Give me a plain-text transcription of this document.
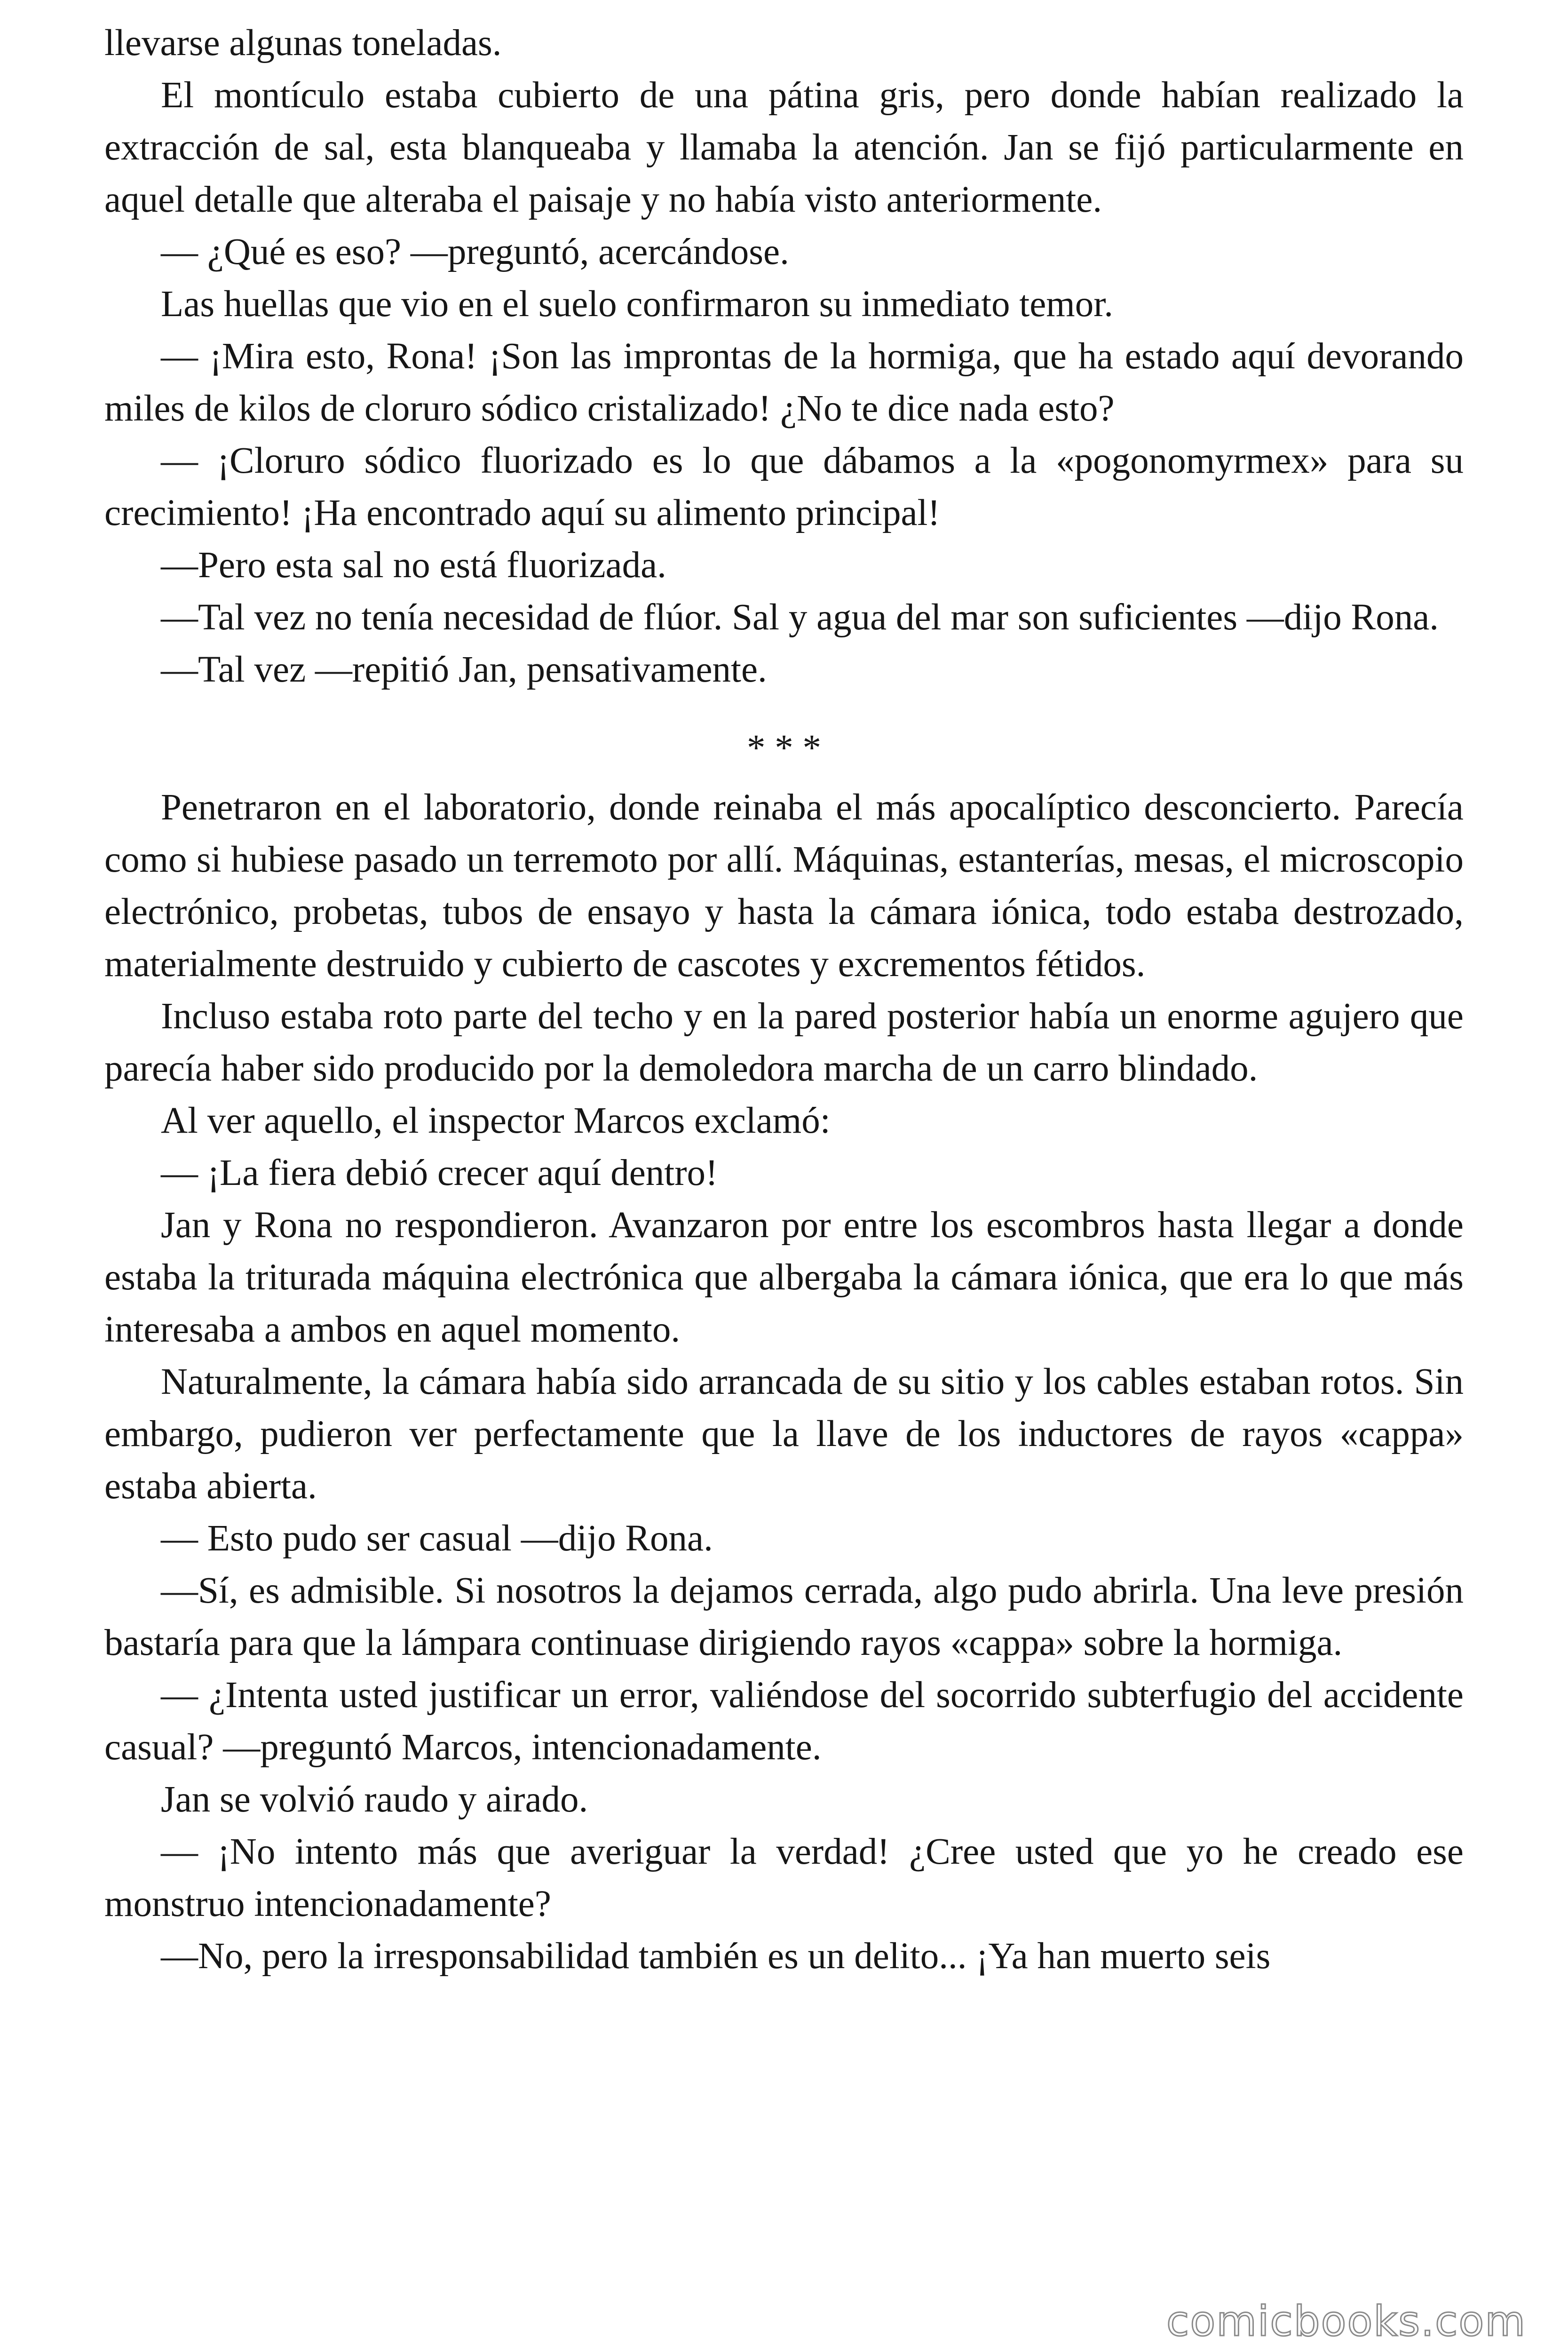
llevarse algunas toneladas.

El montículo estaba cubierto de una pátina gris, pero donde habían realizado la extracción de sal, esta blanqueaba y llamaba la atención. Jan se fijó particularmente en aquel detalle que alteraba el paisaje y no había visto anteriormente.

— ¿Qué es eso? —preguntó, acercándose.

Las huellas que vio en el suelo confirmaron su inmediato temor.

— ¡Mira esto, Rona! ¡Son las improntas de la hormiga, que ha estado aquí devorando miles de kilos de cloruro sódico cristalizado! ¿No te dice nada esto?

— ¡Cloruro sódico fluorizado es lo que dábamos a la «pogonomyrmex» para su crecimiento! ¡Ha encontrado aquí su alimento principal!

—Pero esta sal no está fluorizada.

—Tal vez no tenía necesidad de flúor. Sal y agua del mar son suficientes —dijo Rona.

—Tal vez —repitió Jan, pensativamente.

* * *

Penetraron en el laboratorio, donde reinaba el más apocalíptico desconcierto. Parecía como si hubiese pasado un terremoto por allí. Máquinas, estanterías, mesas, el microscopio electrónico, probetas, tubos de ensayo y hasta la cámara iónica, todo estaba destrozado, materialmente destruido y cubierto de cascotes y excrementos fétidos.

Incluso estaba roto parte del techo y en la pared posterior había un enorme agujero que parecía haber sido producido por la demoledora marcha de un carro blindado.

Al ver aquello, el inspector Marcos exclamó:

— ¡La fiera debió crecer aquí dentro!

Jan y Rona no respondieron. Avanzaron por entre los escombros hasta llegar a donde estaba la triturada máquina electrónica que albergaba la cámara iónica, que era lo que más interesaba a ambos en aquel momento.

Naturalmente, la cámara había sido arrancada de su sitio y los cables estaban rotos. Sin embargo, pudieron ver perfectamente que la llave de los inductores de rayos «cappa» estaba abierta.

— Esto pudo ser casual —dijo Rona.

—Sí, es admisible. Si nosotros la dejamos cerrada, algo pudo abrirla. Una leve presión bastaría para que la lámpara continuase dirigiendo rayos «cappa» sobre la hormiga.

— ¿Intenta usted justificar un error, valiéndose del socorrido subterfugio del accidente casual? —preguntó Marcos, intencionadamente.

Jan se volvió raudo y airado.

— ¡No intento más que averiguar la verdad! ¿Cree usted que yo he creado ese monstruo intencionadamente?

—No, pero la irresponsabilidad también es un delito... ¡Ya han muerto seis

comicbooks.com
